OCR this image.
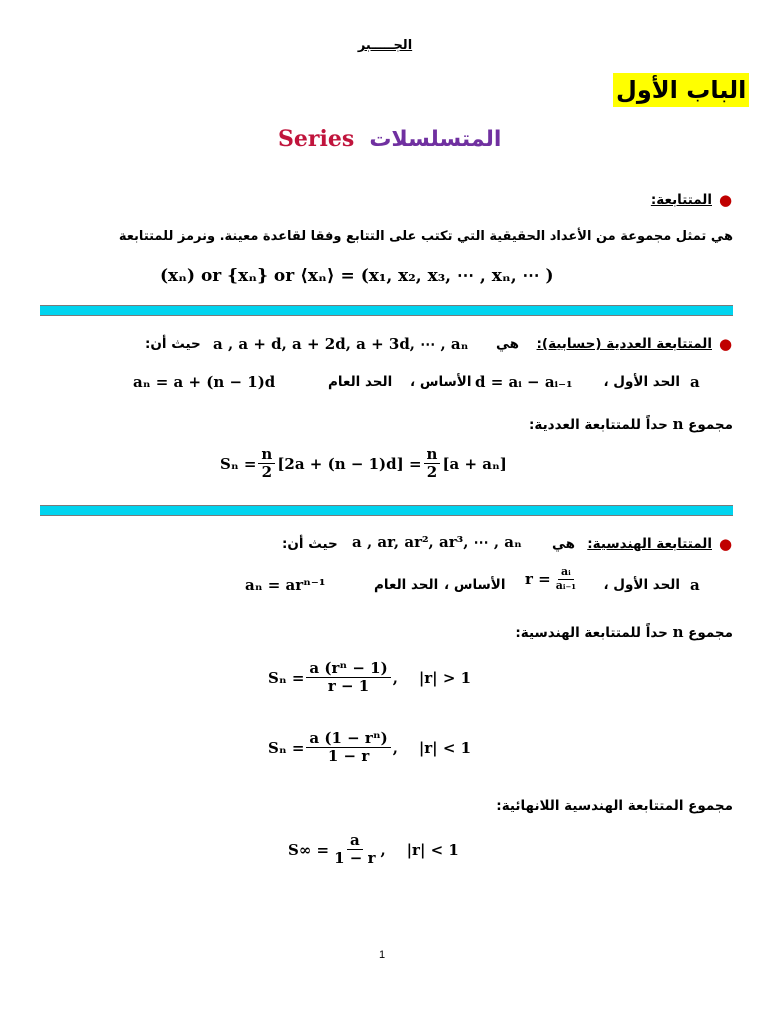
الجـــــبر
الباب الأول
Series المتسلسلات
●
المتتابعة:
هي تمثل مجموعة من الأعداد الحقيقية التي تكتب على التتابع وفقا لقاعدة معينة. ونرمز للمتتابعة
(xₙ) or {xₙ} or ⟨xₙ⟩ = (x₁, x₂, x₃, ⋯ , xₙ, ⋯ )
●
المتتابعة العددية (حسابية):
هي
a , a + d, a + 2d, a + 3d, ⋯ , aₙ
حيث أن:
a
الحد الأول ،
d = aᵢ − aᵢ₋₁
الأساس ،
الحد العام
aₙ = a + (n − 1)d
مجموع n حداً للمتتابعة العددية:
$S_n = \frac{n}{2} [2a + (n - 1)d] = \frac{n}{2} [a + a_n]$
●
المتتابعة الهندسية:
هي
a , ar, ar², ar³, ⋯ , aₙ
حيث أن:
a
الحد الأول ،
$r = \frac{\text{aᵢ}}{\text{aᵢ₋₁}}$
الأساس ،
الحد العام
aₙ = arⁿ⁻¹
مجموع n حداً للمتتابعة الهندسية:
$S_n = \frac{\text{a (rⁿ − 1)}}{r - 1}$ ,    |r| > 1
$S_n = \frac{\text{a (1 − rⁿ)}}{1 - r}$ ,    |r| < 1
مجموع المتتابعة الهندسية اللانهائية:
$S\infty = \frac{a}{1 - r}$ ,    |r| < 1
1
